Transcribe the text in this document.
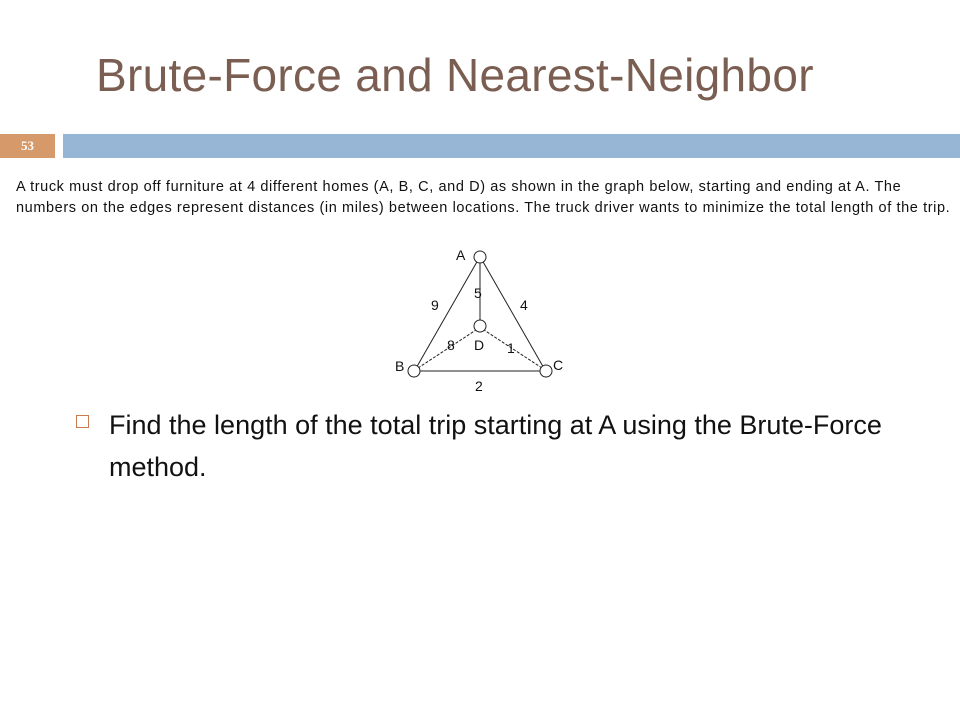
Brute-Force and Nearest-Neighbor
53

A truck must drop off furniture at 4 different homes (A, B, C, and D) as shown in the graph below, starting and ending at A. The numbers on the edges represent distances (in miles) between locations. The truck driver wants to minimize the total length of the trip.

A
B	C
D
9	4
5
8	1
2

Find the length of the total trip starting at A using the Brute-Force method.
